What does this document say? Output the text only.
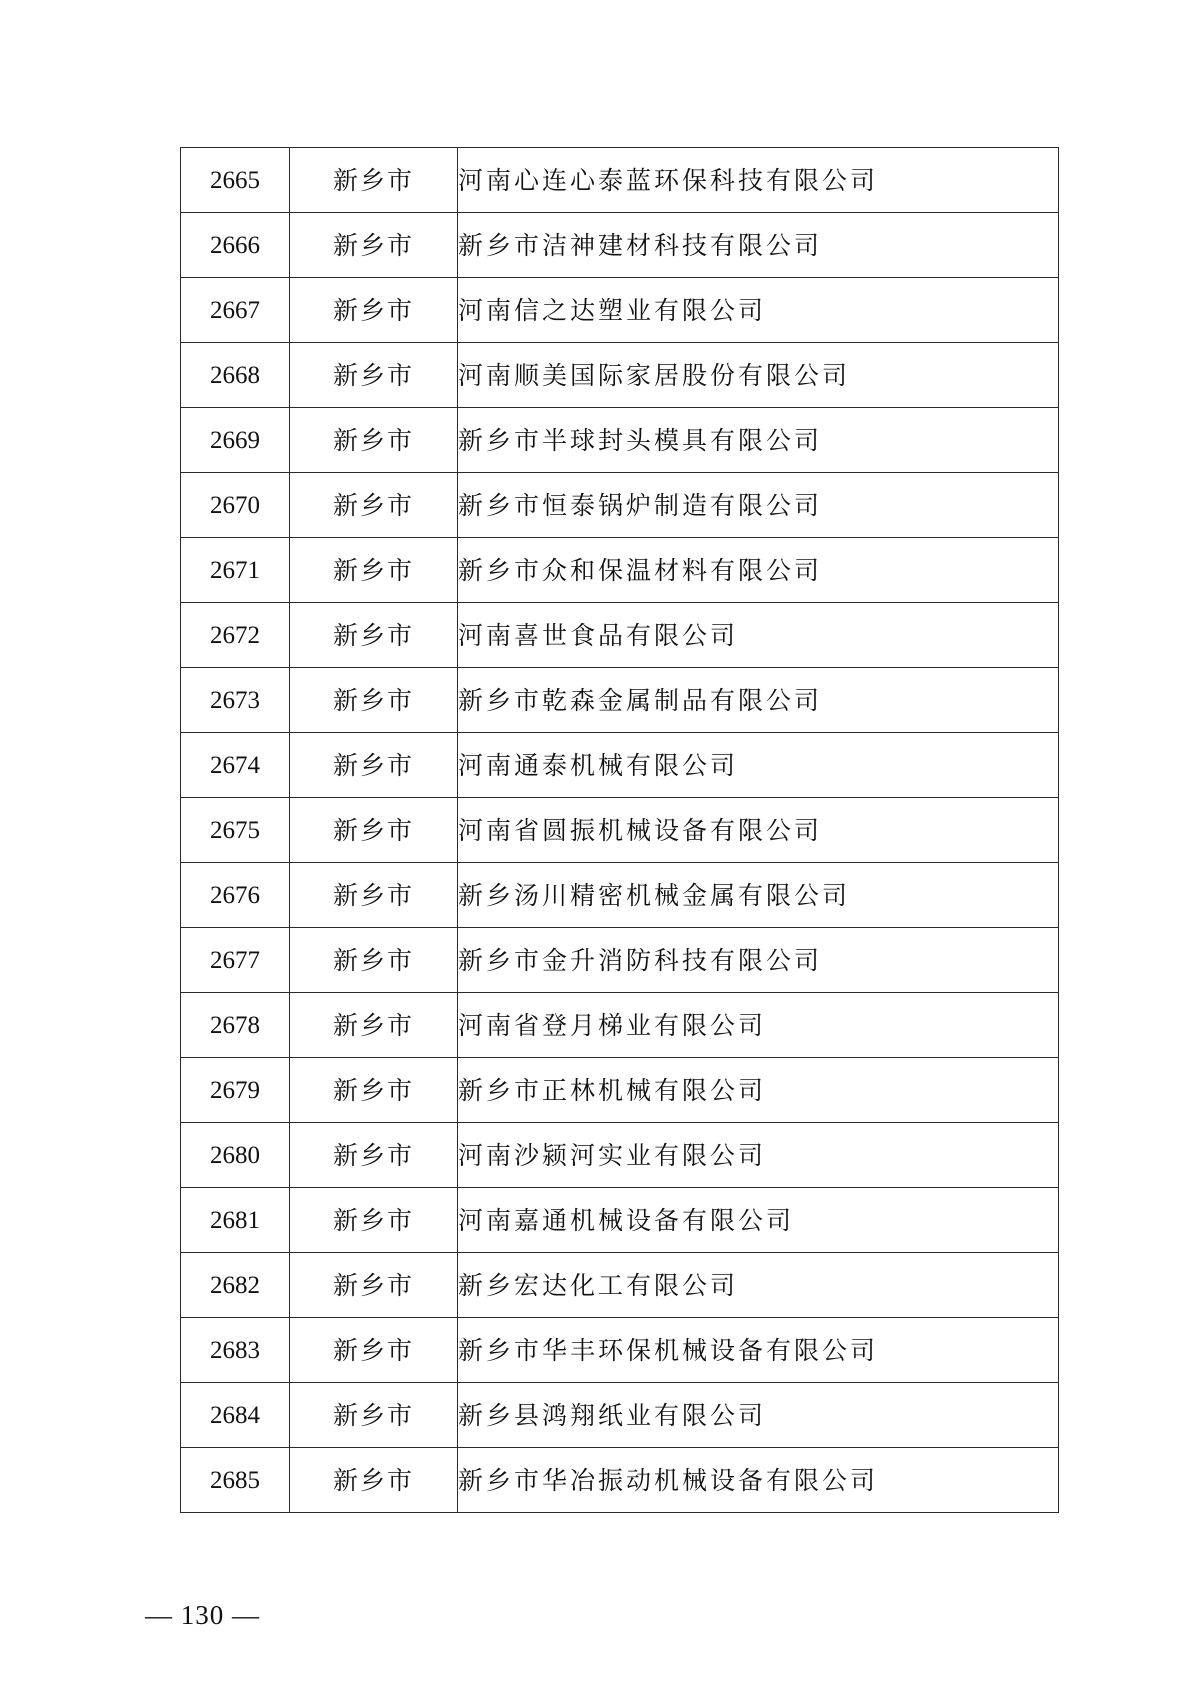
2665	新乡市	河南心连心泰蓝环保科技有限公司
2666	新乡市	新乡市洁神建材科技有限公司
2667	新乡市	河南信之达塑业有限公司
2668	新乡市	河南顺美国际家居股份有限公司
2669	新乡市	新乡市半球封头模具有限公司
2670	新乡市	新乡市恒泰锅炉制造有限公司
2671	新乡市	新乡市众和保温材料有限公司
2672	新乡市	河南喜世食品有限公司
2673	新乡市	新乡市乾森金属制品有限公司
2674	新乡市	河南通泰机械有限公司
2675	新乡市	河南省圆振机械设备有限公司
2676	新乡市	新乡汤川精密机械金属有限公司
2677	新乡市	新乡市金升消防科技有限公司
2678	新乡市	河南省登月梯业有限公司
2679	新乡市	新乡市正林机械有限公司
2680	新乡市	河南沙颍河实业有限公司
2681	新乡市	河南嘉通机械设备有限公司
2682	新乡市	新乡宏达化工有限公司
2683	新乡市	新乡市华丰环保机械设备有限公司
2684	新乡市	新乡县鸿翔纸业有限公司
2685	新乡市	新乡市华冶振动机械设备有限公司
— 130 —
